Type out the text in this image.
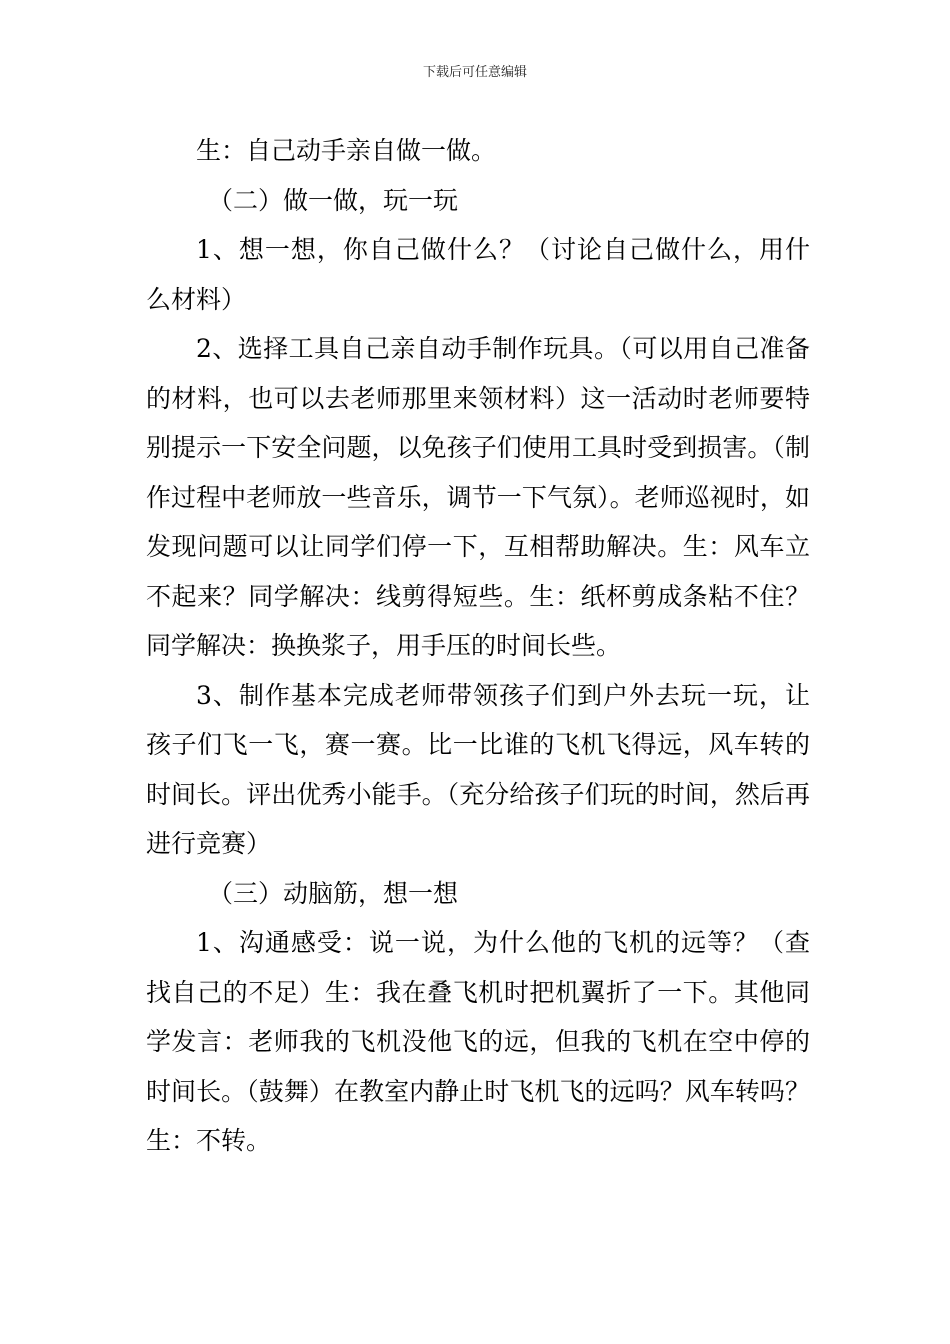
下载后可任意编辑

生：自己动手亲自做一做。

（二）做一做，玩一玩

1、想一想，你自己做什么？（讨论自己做什么，用什么材料）

2、选择工具自己亲自动手制作玩具。（可以用自己准备的材料，也可以去老师那里来领材料）这一活动时老师要特别提示一下安全问题，以免孩子们使用工具时受到损害。（制作过程中老师放一些音乐，调节一下气氛）。老师巡视时，如发现问题可以让同学们停一下，互相帮助解决。生：风车立不起来？同学解决：线剪得短些。生：纸杯剪成条粘不住？同学解决：换换浆子，用手压的时间长些。

3、制作基本完成老师带领孩子们到户外去玩一玩，让孩子们飞一飞，赛一赛。比一比谁的飞机飞得远，风车转的时间长。评出优秀小能手。（充分给孩子们玩的时间，然后再进行竞赛）

（三）动脑筋，想一想

1、沟通感受：说一说，为什么他的飞机的远等？（查找自己的不足）生：我在叠飞机时把机翼折了一下。其他同学发言：老师我的飞机没他飞的远，但我的飞机在空中停的时间长。（鼓舞）在教室内静止时飞机飞的远吗？风车转吗？生：不转。
